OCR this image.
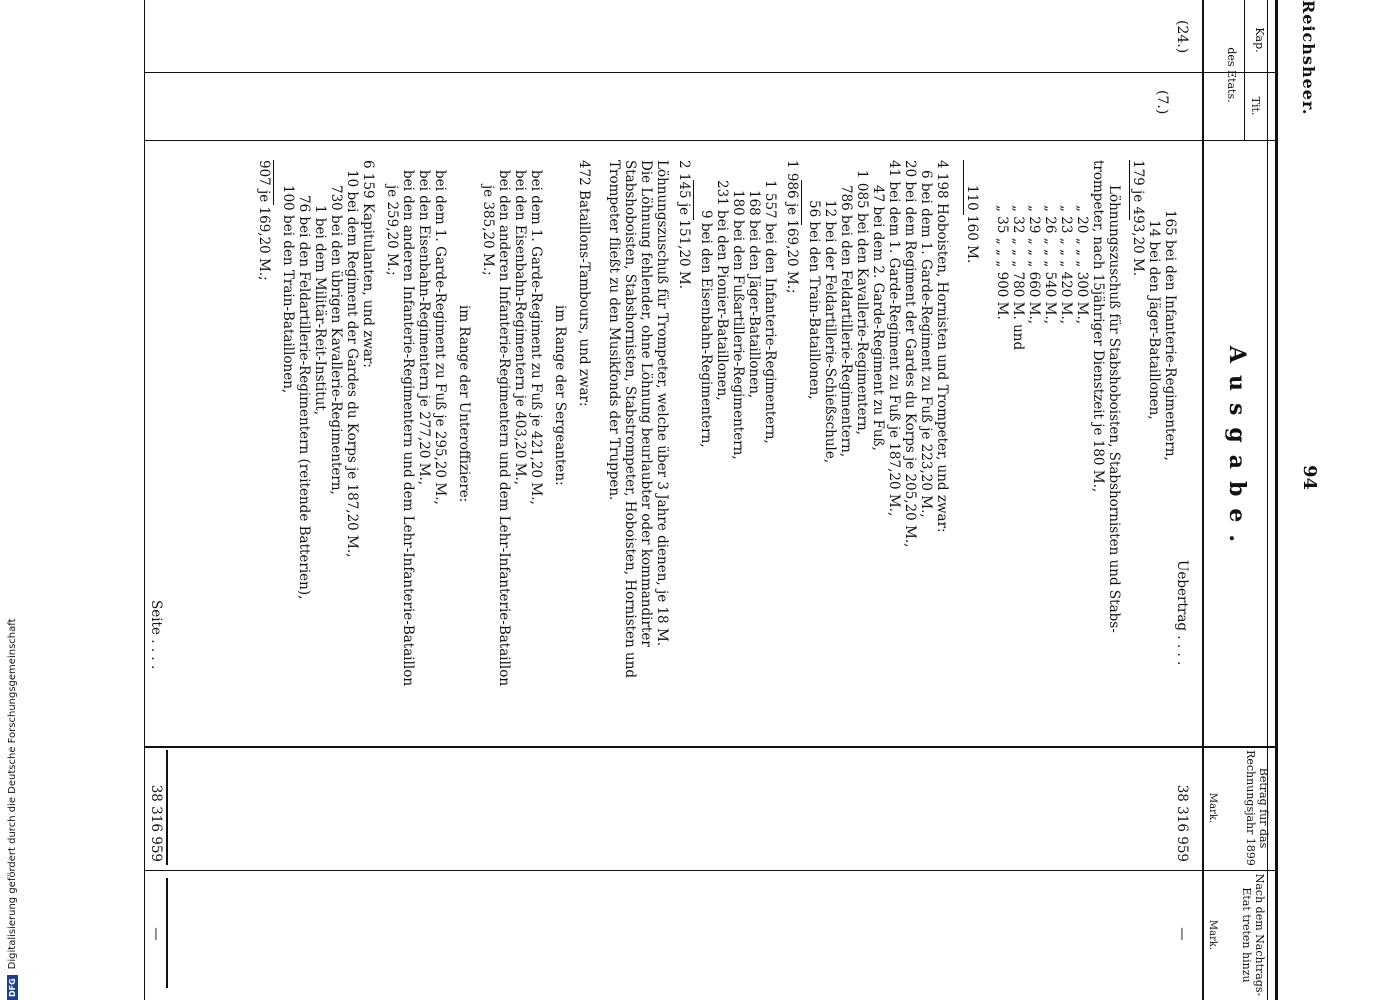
DFG
Digitalisierung gefördert durch die Deutsche Forschungsgemeinschaft
Reichsheer.
94
Kap.
Tit.
des Etats.
Betrag für das Rechnungsjahr 1899
Nach dem Nachtrags-Etat treten hinzu
Mark.
Mark.
Ausgabe.
(24.)
(7.)
Uebertrag . . . .
38 316 959
—
165 bei den Infanterie-Regimentern,
14 bei den Jäger-Bataillonen,
179 je 493,20 M.
Löhnungszuschuß für Stabshoboisten, Stabshornisten und Stabs-
trompeter, nach 15jähriger Dienstzeit je 180 M.,
„ 20 „ „ „ 300 M.,
„ 23 „ „ „ 420 M.,
„ 26 „ „ „ 540 M.,
„ 29 „ „ „ 660 M.,
„ 32 „ „ „ 780 M. und
„ 35 „ „ „ 900 M.
110 160 M.
4 198 Hoboisten, Hornisten und Trompeter, und zwar:
6 bei dem 1. Garde-Regiment zu Fuß je 223,20 M.,
20 bei dem Regiment der Gardes du Korps je 205,20 M.,
41 bei dem 1. Garde-Regiment zu Fuß je 187,20 M.,
47 bei dem 2. Garde-Regiment zu Fuß,
1 085 bei den Kavallerie-Regimentern,
786 bei den Feldartillerie-Regimentern,
12 bei der Feldartillerie-Schießschule,
56 bei den Train-Bataillonen,
1 986 je 169,20 M.;
1 557 bei den Infanterie-Regimentern,
168 bei den Jäger-Bataillonen,
180 bei den Fußartillerie-Regimentern,
231 bei den Pionier-Bataillonen,
9 bei den Eisenbahn-Regimentern,
2 145 je 151,20 M.
Löhnungszuschuß für Trompeter, welche über 3 Jahre dienen, je 18 M.
Die Löhnung fehlender, ohne Löhnung beurlaubter oder kommandirter
Stabshoboisten, Stabshornisten, Stabstrompeter, Hoboisten, Hornisten und
Trompeter fließt zu den Musikfonds der Truppen.
472 Bataillons-Tambours, und zwar:
im Range der Sergeanten:
bei dem 1. Garde-Regiment zu Fuß je 421,20 M.,
bei den Eisenbahn-Regimentern je 403,20 M.,
bei den anderen Infanterie-Regimentern und dem Lehr-Infanterie-Bataillon
je 385,20 M.;
im Range der Unteroffiziere:
bei dem 1. Garde-Regiment zu Fuß je 295,20 M.,
bei den Eisenbahn-Regimentern je 277,20 M.,
bei den anderen Infanterie-Regimentern und dem Lehr-Infanterie-Bataillon
je 259,20 M.;
6 159 Kapitulanten, und zwar:
10 bei dem Regiment der Gardes du Korps je 187,20 M.,
730 bei den übrigen Kavallerie-Regimentern,
1 bei dem Militär-Reit-Institut,
76 bei den Feldartillerie-Regimentern (reitende Batterien),
100 bei den Train-Bataillonen,
907 je 169,20 M.;
Seite . . . .
38 316 959
—
